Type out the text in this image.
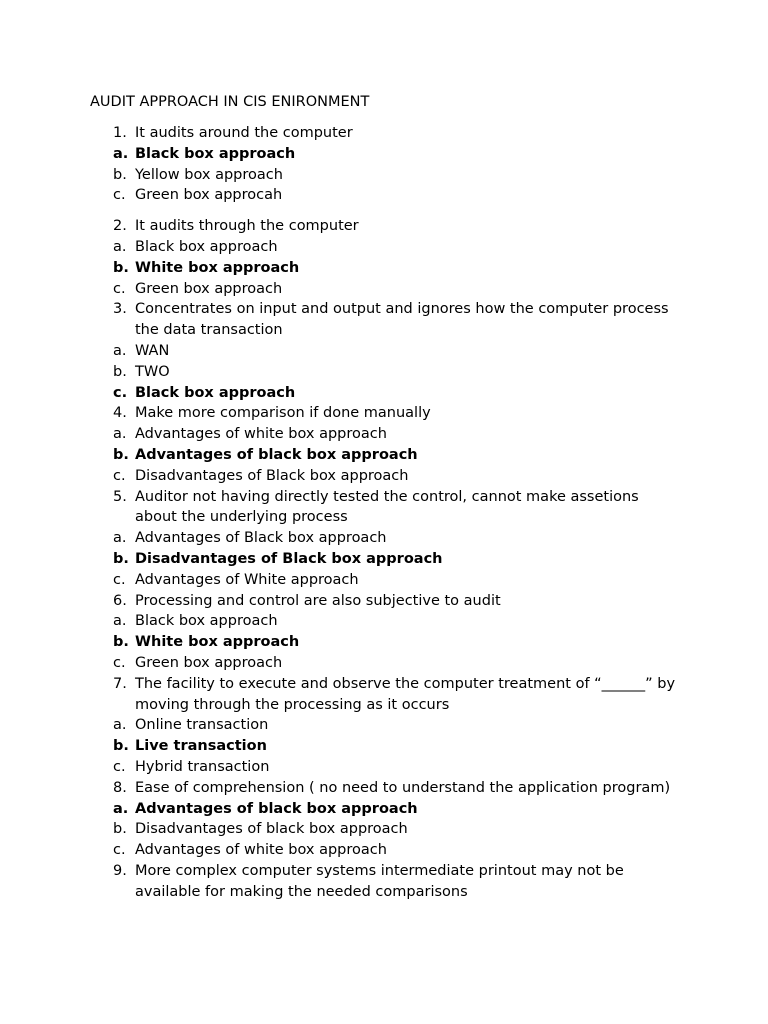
AUDIT APPROACH IN CIS ENIRONMENT
1. It audits around the computer
a. Black box approach
b. Yellow box approach
c. Green box approcah
2. It audits through the computer
a. Black box approach
b. White box approach
c. Green box approach
3. Concentrates on input and output and ignores how the computer process the data transaction
a. WAN
b. TWO
c. Black box approach
4. Make more comparison if done manually
a. Advantages of white box approach
b. Advantages of black box approach
c. Disadvantages of Black box approach
5. Auditor not having directly tested the control, cannot make assetions about the underlying process
a. Advantages of Black box approach
b. Disadvantages of Black box approach
c. Advantages of White approach
6. Processing and control are also subjective to audit
a. Black box approach
b. White box approach
c. Green box approach
7. The facility to execute and observe the computer treatment of “______” by moving through the processing as it occurs
a. Online transaction
b. Live transaction
c. Hybrid transaction
8. Ease of comprehension ( no need to understand the application program)
a. Advantages of black box approach
b. Disadvantages of black box approach
c. Advantages of white box approach
9. More complex computer systems intermediate printout may not be available for making the needed comparisons
